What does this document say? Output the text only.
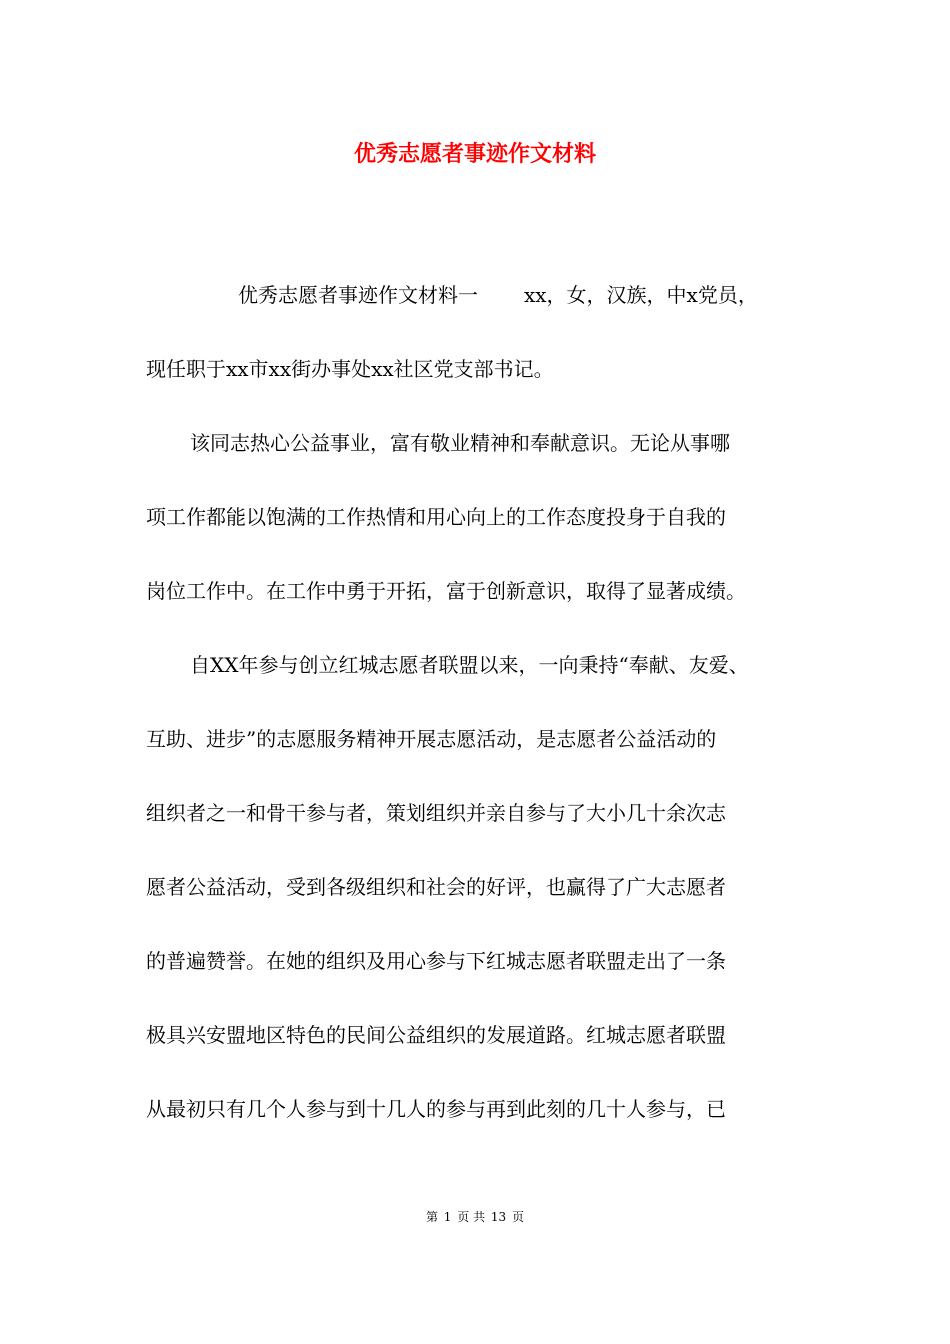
优秀志愿者事迹作文材料

优秀志愿者事迹作文材料一 xx，女，汉族，中x党员，

现任职于xx市xx街办事处xx社区党支部书记。

该同志热心公益事业，富有敬业精神和奉献意识。无论从事哪

项工作都能以饱满的工作热情和用心向上的工作态度投身于自我的

岗位工作中。在工作中勇于开拓，富于创新意识，取得了显著成绩。

自XX年参与创立红城志愿者联盟以来，一向秉持“奉献、友爱、

互助、进步”的志愿服务精神开展志愿活动，是志愿者公益活动的

组织者之一和骨干参与者，策划组织并亲自参与了大小几十余次志

愿者公益活动，受到各级组织和社会的好评，也赢得了广大志愿者

的普遍赞誉。在她的组织及用心参与下红城志愿者联盟走出了一条

极具兴安盟地区特色的民间公益组织的发展道路。红城志愿者联盟

从最初只有几个人参与到十几人的参与再到此刻的几十人参与，已

第 1 页 共 13 页
